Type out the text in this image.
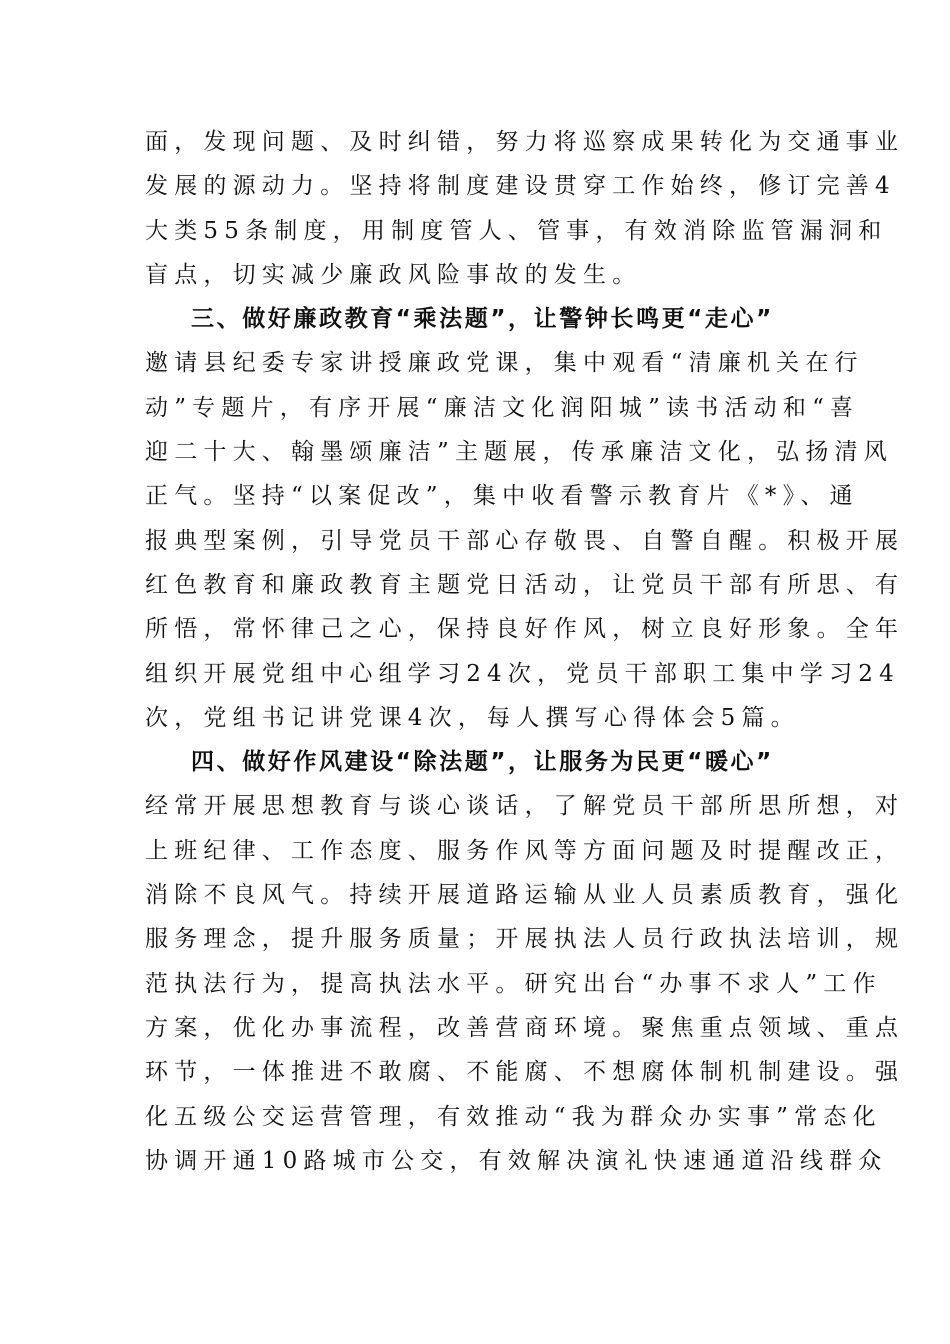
面，发现问题、及时纠错，努力将巡察成果转化为交通事业
发展的源动力。坚持将制度建设贯穿工作始终，修订完善4
大类55条制度，用制度管人、管事，有效消除监管漏洞和
盲点，切实减少廉政风险事故的发生。
三、做好廉政教育“乘法题”，让警钟长鸣更“走心”
邀请县纪委专家讲授廉政党课，集中观看“清廉机关在行
动”专题片，有序开展“廉洁文化润阳城”读书活动和“喜
迎二十大、翰墨颂廉洁”主题展，传承廉洁文化，弘扬清风
正气。坚持“以案促改”，集中收看警示教育片《*》、通
报典型案例，引导党员干部心存敬畏、自警自醒。积极开展
红色教育和廉政教育主题党日活动，让党员干部有所思、有
所悟，常怀律己之心，保持良好作风，树立良好形象。全年
组织开展党组中心组学习24次，党员干部职工集中学习24
次，党组书记讲党课4次，每人撰写心得体会5篇。
四、做好作风建设“除法题”，让服务为民更“暖心”
经常开展思想教育与谈心谈话，了解党员干部所思所想，对
上班纪律、工作态度、服务作风等方面问题及时提醒改正，
消除不良风气。持续开展道路运输从业人员素质教育，强化
服务理念，提升服务质量；开展执法人员行政执法培训，规
范执法行为，提高执法水平。研究出台“办事不求人”工作
方案，优化办事流程，改善营商环境。聚焦重点领域、重点
环节，一体推进不敢腐、不能腐、不想腐体制机制建设。强
化五级公交运营管理，有效推动“我为群众办实事”常态化
协调开通10路城市公交，有效解决演礼快速通道沿线群众
